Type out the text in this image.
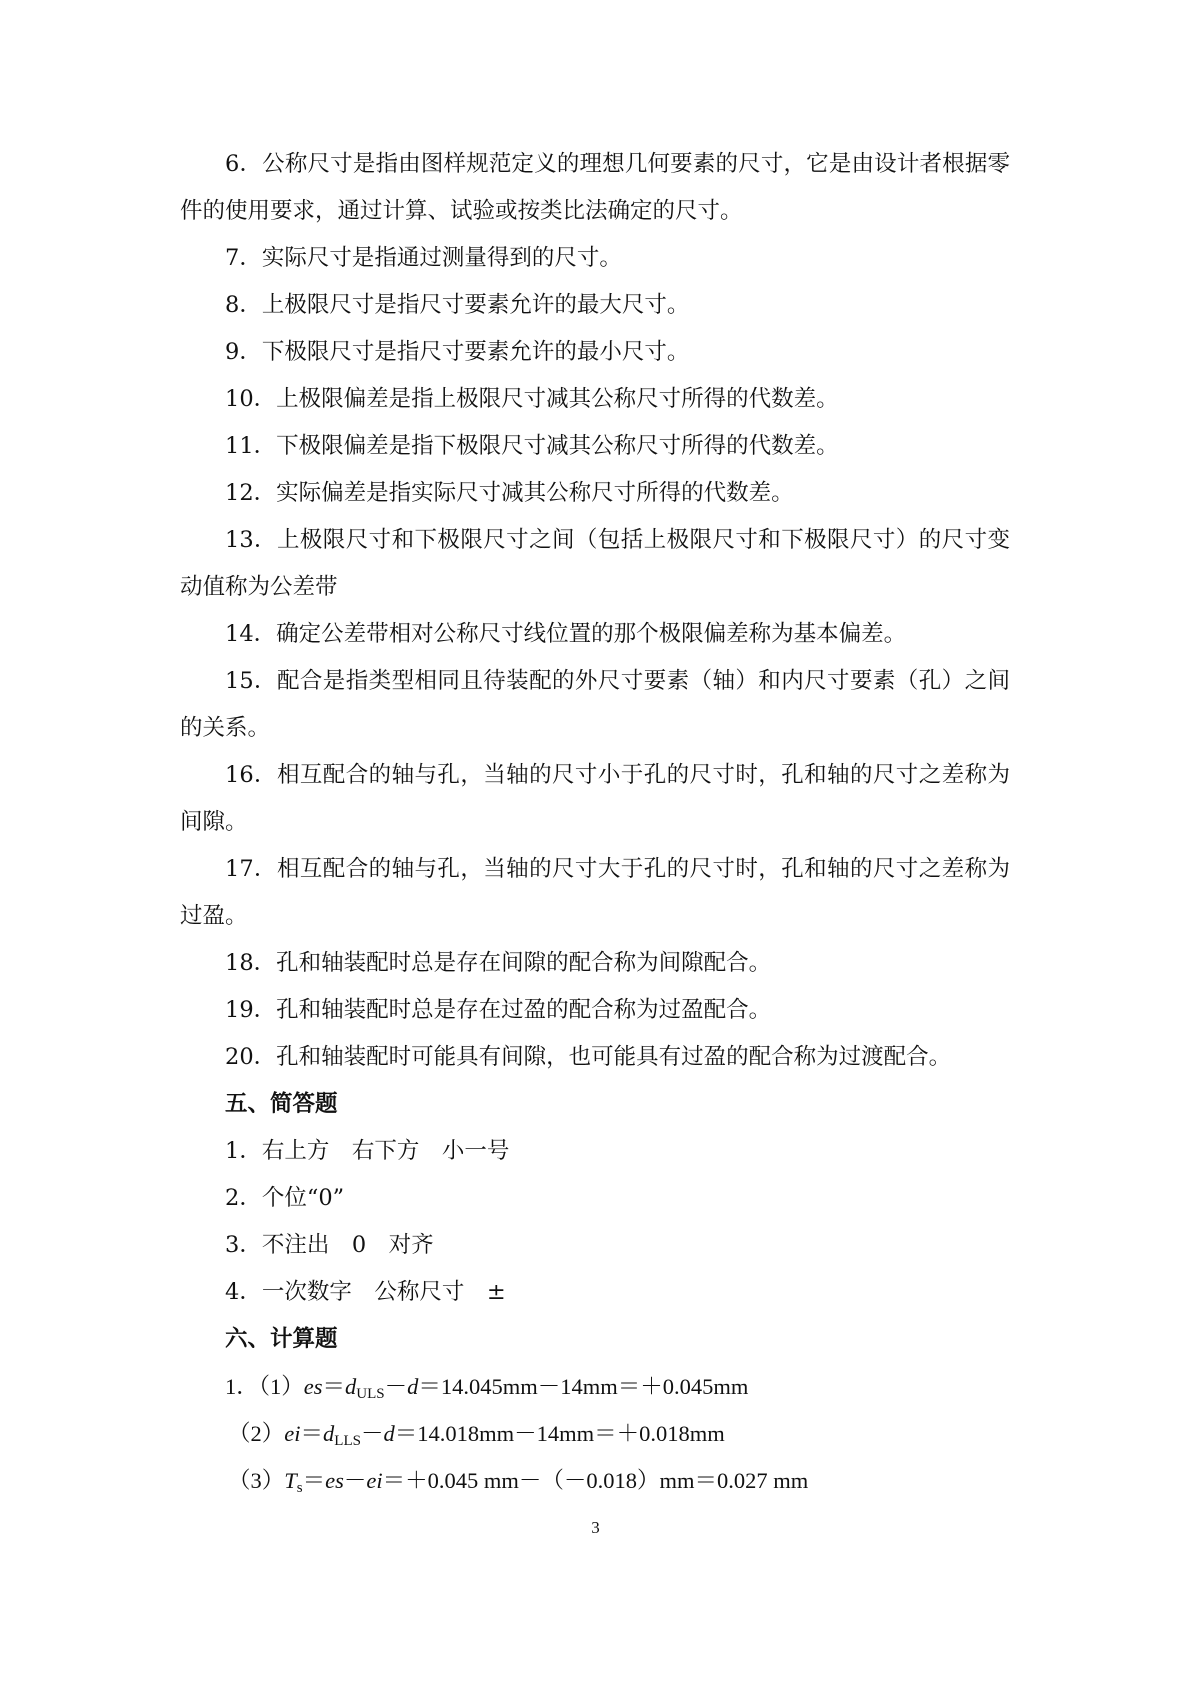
6．公称尺寸是指由图样规范定义的理想几何要素的尺寸，它是由设计者根据零件的使用要求，通过计算、试验或按类比法确定的尺寸。

7．实际尺寸是指通过测量得到的尺寸。

8．上极限尺寸是指尺寸要素允许的最大尺寸。

9．下极限尺寸是指尺寸要素允许的最小尺寸。

10．上极限偏差是指上极限尺寸减其公称尺寸所得的代数差。

11．下极限偏差是指下极限尺寸减其公称尺寸所得的代数差。

12．实际偏差是指实际尺寸减其公称尺寸所得的代数差。

13．上极限尺寸和下极限尺寸之间（包括上极限尺寸和下极限尺寸）的尺寸变动值称为公差带

14．确定公差带相对公称尺寸线位置的那个极限偏差称为基本偏差。

15．配合是指类型相同且待装配的外尺寸要素（轴）和内尺寸要素（孔）之间的关系。

16．相互配合的轴与孔，当轴的尺寸小于孔的尺寸时，孔和轴的尺寸之差称为间隙。

17．相互配合的轴与孔，当轴的尺寸大于孔的尺寸时，孔和轴的尺寸之差称为过盈。

18．孔和轴装配时总是存在间隙的配合称为间隙配合。

19．孔和轴装配时总是存在过盈的配合称为过盈配合。

20．孔和轴装配时可能具有间隙，也可能具有过盈的配合称为过渡配合。

五、简答题

1．右上方　右下方　小一号

2．个位“0”

3．不注出　0　对齐

4．一次数字　公称尺寸　±

六、计算题

1．$(1)es=d_{ULS}-d=14.045mm-14mm=+0.045mm$

$(2)ei=d_{LLS}-d=14.018mm-14mm=+0.018mm$

$(3)T_s=es-ei=+0.045$ mm－（－0.018）mm＝0.027 mm

3
